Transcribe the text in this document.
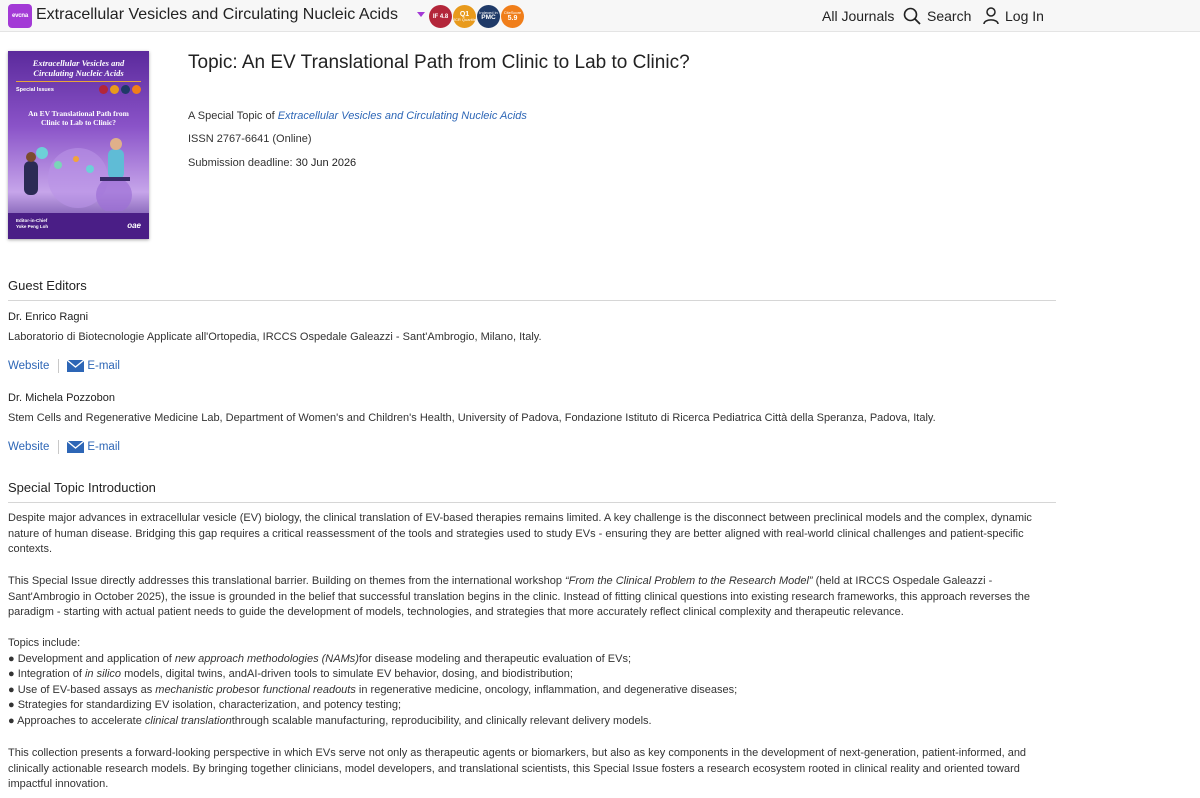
evcna Extracellular Vesicles and Circulating Nucleic Acids	IF 4.8 Q1
JCR Quartile
Indexed in
PMC
CiteScore
5.9	All Journals Search Log In
Extracellular Vesicles and Circulating Nucleic Acids
Special Issues
An EV Translational Path from Clinic to Lab to Clinic?
Editor-in-Chief
Yoke Peng Loh	oae
Topic: An EV Translational Path from Clinic to Lab to Clinic?
A Special Topic of Extracellular Vesicles and Circulating Nucleic Acids
ISSN 2767-6641 (Online)
Submission deadline: 30 Jun 2026
Guest Editors
Dr. Enrico Ragni
Laboratorio di Biotecnologie Applicate all'Ortopedia, IRCCS Ospedale Galeazzi - Sant'Ambrogio, Milano, Italy.
Website	E-mail
Dr. Michela Pozzobon
Stem Cells and Regenerative Medicine Lab, Department of Women's and Children's Health, University of Padova, Fondazione Istituto di Ricerca Pediatrica Città della Speranza, Padova, Italy.
Website	E-mail
Special Topic Introduction
Despite major advances in extracellular vesicle (EV) biology, the clinical translation of EV-based therapies remains limited. A key challenge is the disconnect between preclinical models and the complex, dynamic nature of human disease. Bridging this gap requires a critical reassessment of the tools and strategies used to study EVs - ensuring they are better aligned with real-world clinical challenges and patient-specific contexts.
This Special Issue directly addresses this translational barrier. Building on themes from the international workshop “From the Clinical Problem to the Research Model” (held at IRCCS Ospedale Galeazzi - Sant'Ambrogio in October 2025), the issue is grounded in the belief that successful translation begins in the clinic. Instead of fitting clinical questions into existing research frameworks, this approach reverses the paradigm - starting with actual patient needs to guide the development of models, technologies, and strategies that more accurately reflect clinical complexity and therapeutic relevance.
Topics include:
● Development and application of new approach methodologies (NAMs)for disease modeling and therapeutic evaluation of EVs;
● Integration of in silico models, digital twins, andAI-driven tools to simulate EV behavior, dosing, and biodistribution;
● Use of EV-based assays as mechanistic probesor functional readouts in regenerative medicine, oncology, inflammation, and degenerative diseases;
● Strategies for standardizing EV isolation, characterization, and potency testing;
● Approaches to accelerate clinical translationthrough scalable manufacturing, reproducibility, and clinically relevant delivery models.
This collection presents a forward-looking perspective in which EVs serve not only as therapeutic agents or biomarkers, but also as key components in the development of next-generation, patient-informed, and clinically actionable research models. By bringing together clinicians, model developers, and translational scientists, this Special Issue fosters a research ecosystem rooted in clinical reality and oriented toward impactful innovation.
